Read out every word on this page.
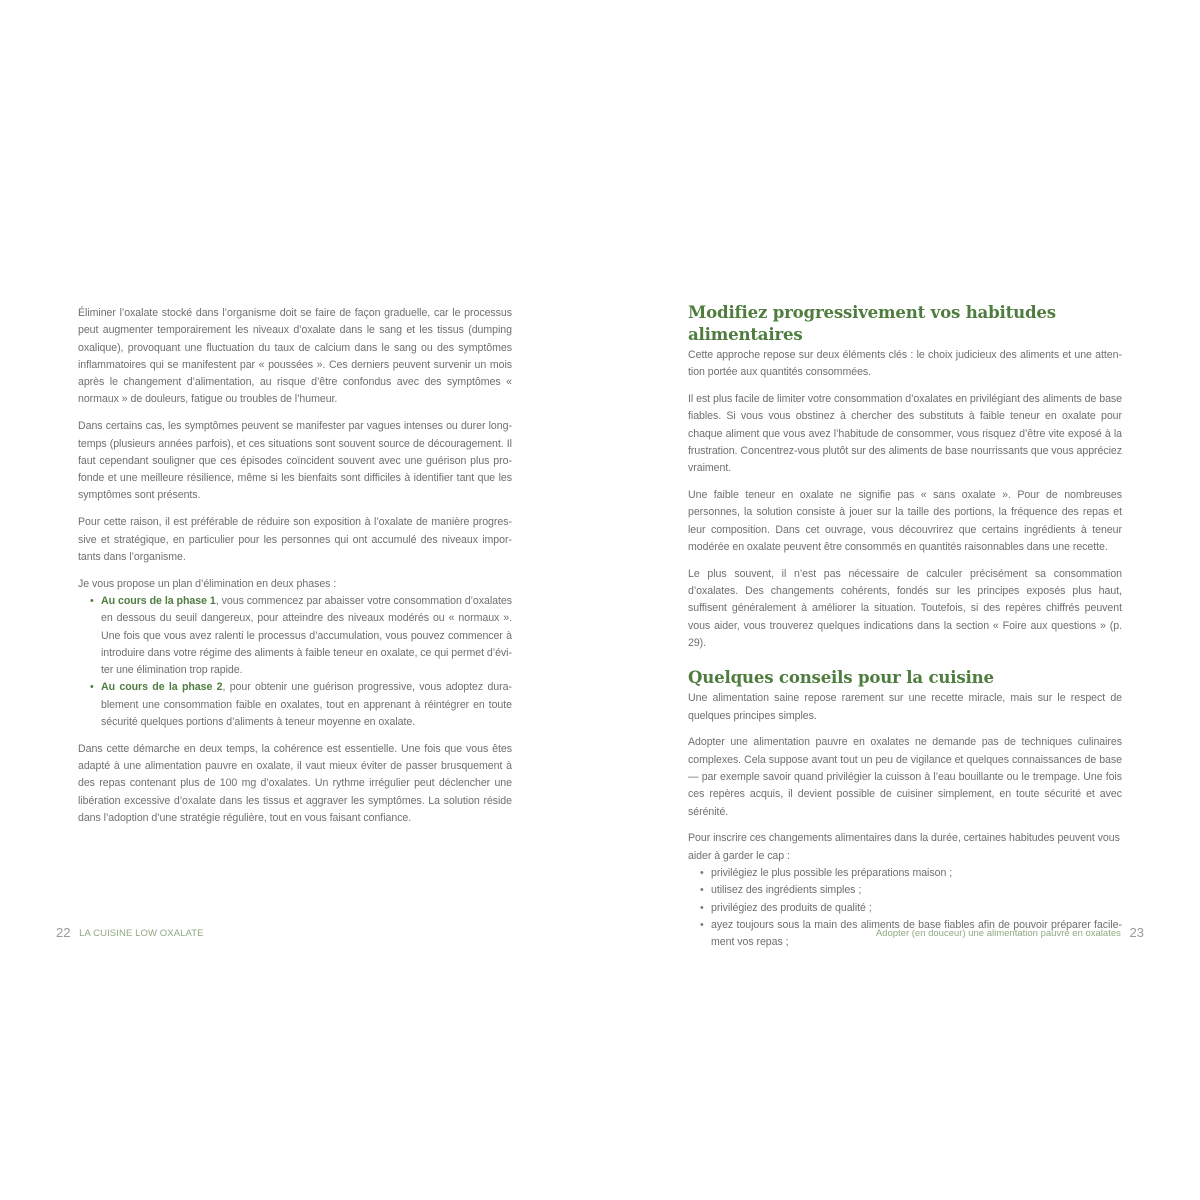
Éliminer l’oxalate stocké dans l’organisme doit se faire de façon graduelle, car le processus peut augmenter temporairement les niveaux d’oxalate dans le sang et les tissus (dumping oxalique), provoquant une fluctuation du taux de calcium dans le sang ou des symptômes inflammatoires qui se manifestent par « poussées ». Ces derniers peuvent survenir un mois après le changement d’alimentation, au risque d’être confondus avec des symptômes « normaux » de douleurs, fatigue ou troubles de l’humeur.

Dans certains cas, les symptômes peuvent se manifester par vagues intenses ou durer longtemps (plusieurs années parfois), et ces situations sont souvent source de découragement. Il faut cependant souligner que ces épisodes coïncident souvent avec une guérison plus profonde et une meilleure résilience, même si les bienfaits sont difficiles à identifier tant que les symptômes sont présents.

Pour cette raison, il est préférable de réduire son exposition à l’oxalate de manière progressive et stratégique, en particulier pour les personnes qui ont accumulé des niveaux importants dans l’organisme.

Je vous propose un plan d’élimination en deux phases :

• Au cours de la phase 1, vous commencez par abaisser votre consommation d’oxalates en dessous du seuil dangereux, pour atteindre des niveaux modérés ou « normaux ». Une fois que vous avez ralenti le processus d’accumulation, vous pouvez commencer à introduire dans votre régime des aliments à faible teneur en oxalate, ce qui permet d’éviter une élimination trop rapide.
• Au cours de la phase 2, pour obtenir une guérison progressive, vous adoptez durablement une consommation faible en oxalates, tout en apprenant à réintégrer en toute sécurité quelques portions d’aliments à teneur moyenne en oxalate.

Dans cette démarche en deux temps, la cohérence est essentielle. Une fois que vous êtes adapté à une alimentation pauvre en oxalate, il vaut mieux éviter de passer brusquement à des repas contenant plus de 100 mg d’oxalates. Un rythme irrégulier peut déclencher une libération excessive d’oxalate dans les tissus et aggraver les symptômes. La solution réside dans l’adoption d’une stratégie régulière, tout en vous faisant confiance.

22 LA CUISINE LOW OXALATE
Modifiez progressivement vos habitudes alimentaires

Cette approche repose sur deux éléments clés : le choix judicieux des aliments et une attention portée aux quantités consommées.

Il est plus facile de limiter votre consommation d’oxalates en privilégiant des aliments de base fiables. Si vous vous obstinez à chercher des substituts à faible teneur en oxalate pour chaque aliment que vous avez l’habitude de consommer, vous risquez d’être vite exposé à la frustration. Concentrez-vous plutôt sur des aliments de base nourrissants que vous appréciez vraiment.

Une faible teneur en oxalate ne signifie pas « sans oxalate ». Pour de nombreuses personnes, la solution consiste à jouer sur la taille des portions, la fréquence des repas et leur composition. Dans cet ouvrage, vous découvrirez que certains ingrédients à teneur modérée en oxalate peuvent être consommés en quantités raisonnables dans une recette.

Le plus souvent, il n’est pas nécessaire de calculer précisément sa consommation d’oxalates. Des changements cohérents, fondés sur les principes exposés plus haut, suffisent généralement à améliorer la situation. Toutefois, si des repères chiffrés peuvent vous aider, vous trouverez quelques indications dans la section « Foire aux questions » (p. 29).

Quelques conseils pour la cuisine

Une alimentation saine repose rarement sur une recette miracle, mais sur le respect de quelques principes simples.

Adopter une alimentation pauvre en oxalates ne demande pas de techniques culinaires complexes. Cela suppose avant tout un peu de vigilance et quelques connaissances de base — par exemple savoir quand privilégier la cuisson à l’eau bouillante ou le trempage. Une fois ces repères acquis, il devient possible de cuisiner simplement, en toute sécurité et avec sérénité.

Pour inscrire ces changements alimentaires dans la durée, certaines habitudes peuvent vous aider à garder le cap :

• privilégiez le plus possible les préparations maison ;
• utilisez des ingrédients simples ;
• privilégiez des produits de qualité ;
• ayez toujours sous la main des aliments de base fiables afin de pouvoir préparer facilement vos repas ;
Adopter (en douceur) une alimentation pauvre en oxalates 23
